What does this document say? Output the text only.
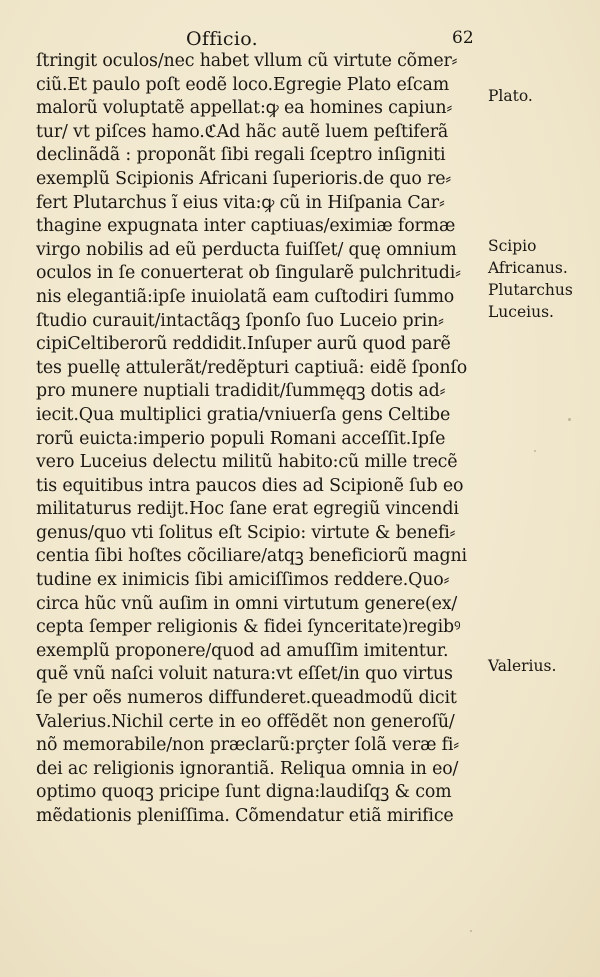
Officio.	62
ſtringit oculos/nec habet vllum cũ virtute cõmer⸗
ciũ.Et paulo poſt eodẽ loco.Egregie Plato eſcam
malorũ voluptatẽ appellat:ꝙ ea homines capiun⸗
tur/ vt piſces hamo.ℭAd hãc autẽ luem peſtiferã
declinãdã : proponãt ſibi regali ſceptro inſigniti
exemplũ Scipionis Africani ſuperioris.de quo re⸗
fert Plutarchus ĩ eius vita:ꝙ cũ in Hiſpania Car⸗
thagine expugnata inter captiuas/eximiæ formæ
virgo nobilis ad eũ perducta fuiſſet/ quę omnium
oculos in ſe conuerterat ob ſingularẽ pulchritudi⸗
nis elegantiã:ipſe inuiolatã eam cuſtodiri ſummo
ſtudio curauit/intactãqꝫ ſponſo ſuo Luceio prin⸗
cipiCeltiberorũ reddidit.Inſuper aurũ quod parẽ
tes puellę attulerãt/redẽpturi captiuã: eidẽ ſponſo
pro munere nuptiali tradidit/ſummęqꝫ dotis ad⸗
iecit.Qua multiplici gratia/vniuerſa gens Celtibe
rorũ euicta:imperio populi Romani acceſſit.Ipſe
vero Luceius delectu militũ habito:cũ mille trecẽ
tis equitibus intra paucos dies ad Scipionẽ ſub eo
militaturus redijt.Hoc ſane erat egregiũ vincendi
genus/quo vti ſolitus eſt Scipio: virtute & benefi⸗
centia ſibi hoſtes cõciliare/atqꝫ beneficiorũ magni
tudine ex inimicis ſibi amiciſſimos reddere.Quo⸗
circa hũc vnũ auſim in omni virtutum genere(ex/
cepta ſemper religionis & fidei ſynceritate)regibꝰ
exemplũ proponere/quod ad amuſſim imitentur.
quẽ vnũ naſci voluit natura:vt eſſet/in quo virtus
ſe per oẽs numeros diffunderet.queadmodũ dicit
Valerius.Nichil certe in eo offẽdẽt non generoſũ/
nõ memorabile/non præclarũ:prçter ſolã veræ fi⸗
dei ac religionis ignorantiã. Reliqua omnia in eo/
optimo quoqꝫ pricipe ſunt digna:laudiſqꝫ & com
mẽdationis pleniſſima. Cõmendatur etiã mirifice
Plato.
Scipio
Africanus.
Plutarchus
Luceius.
Valerius.
